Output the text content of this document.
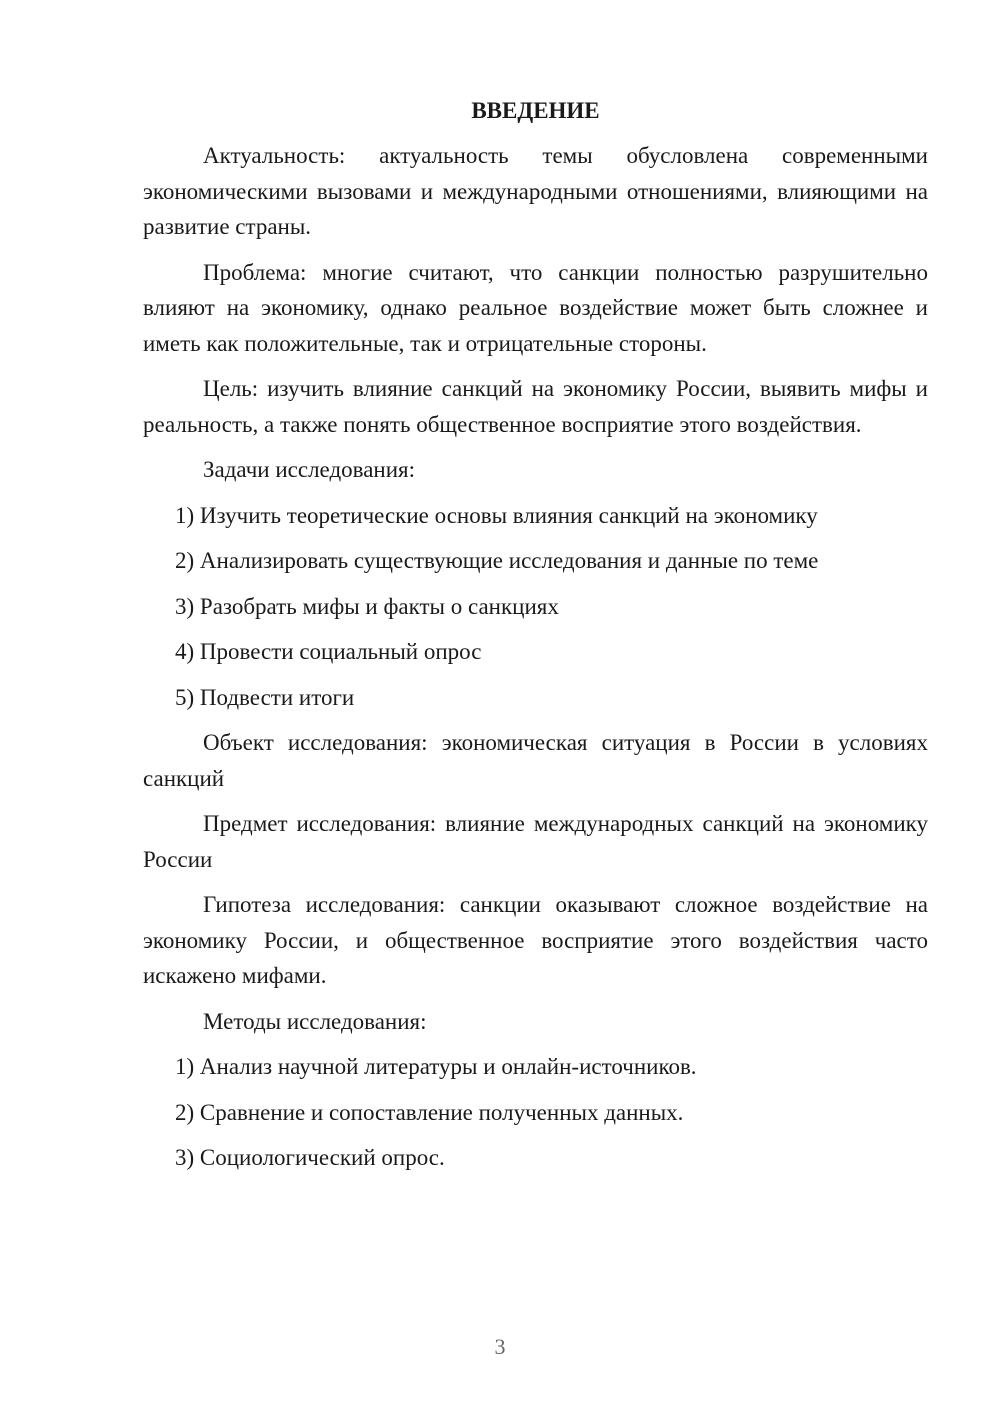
ВВЕДЕНИЕ

Актуальность: актуальность темы обусловлена современными экономическими вызовами и международными отношениями, влияющими на развитие страны.

Проблема: многие считают, что санкции полностью разрушительно влияют на экономику, однако реальное воздействие может быть сложнее и иметь как положительные, так и отрицательные стороны.

Цель: изучить влияние санкций на экономику России, выявить мифы и реальность, а также понять общественное восприятие этого воздействия.

Задачи исследования:

1) Изучить теоретические основы влияния санкций на экономику
2) Анализировать существующие исследования и данные по теме
3) Разобрать мифы и факты о санкциях
4) Провести социальный опрос
5) Подвести итоги

Объект исследования: экономическая ситуация в России в условиях санкций

Предмет исследования: влияние международных санкций на экономику России

Гипотеза исследования: санкции оказывают сложное воздействие на экономику России, и общественное восприятие этого воздействия часто искажено мифами.

Методы исследования:

1) Анализ научной литературы и онлайн-источников.
2) Сравнение и сопоставление полученных данных.
3) Социологический опрос.
3
